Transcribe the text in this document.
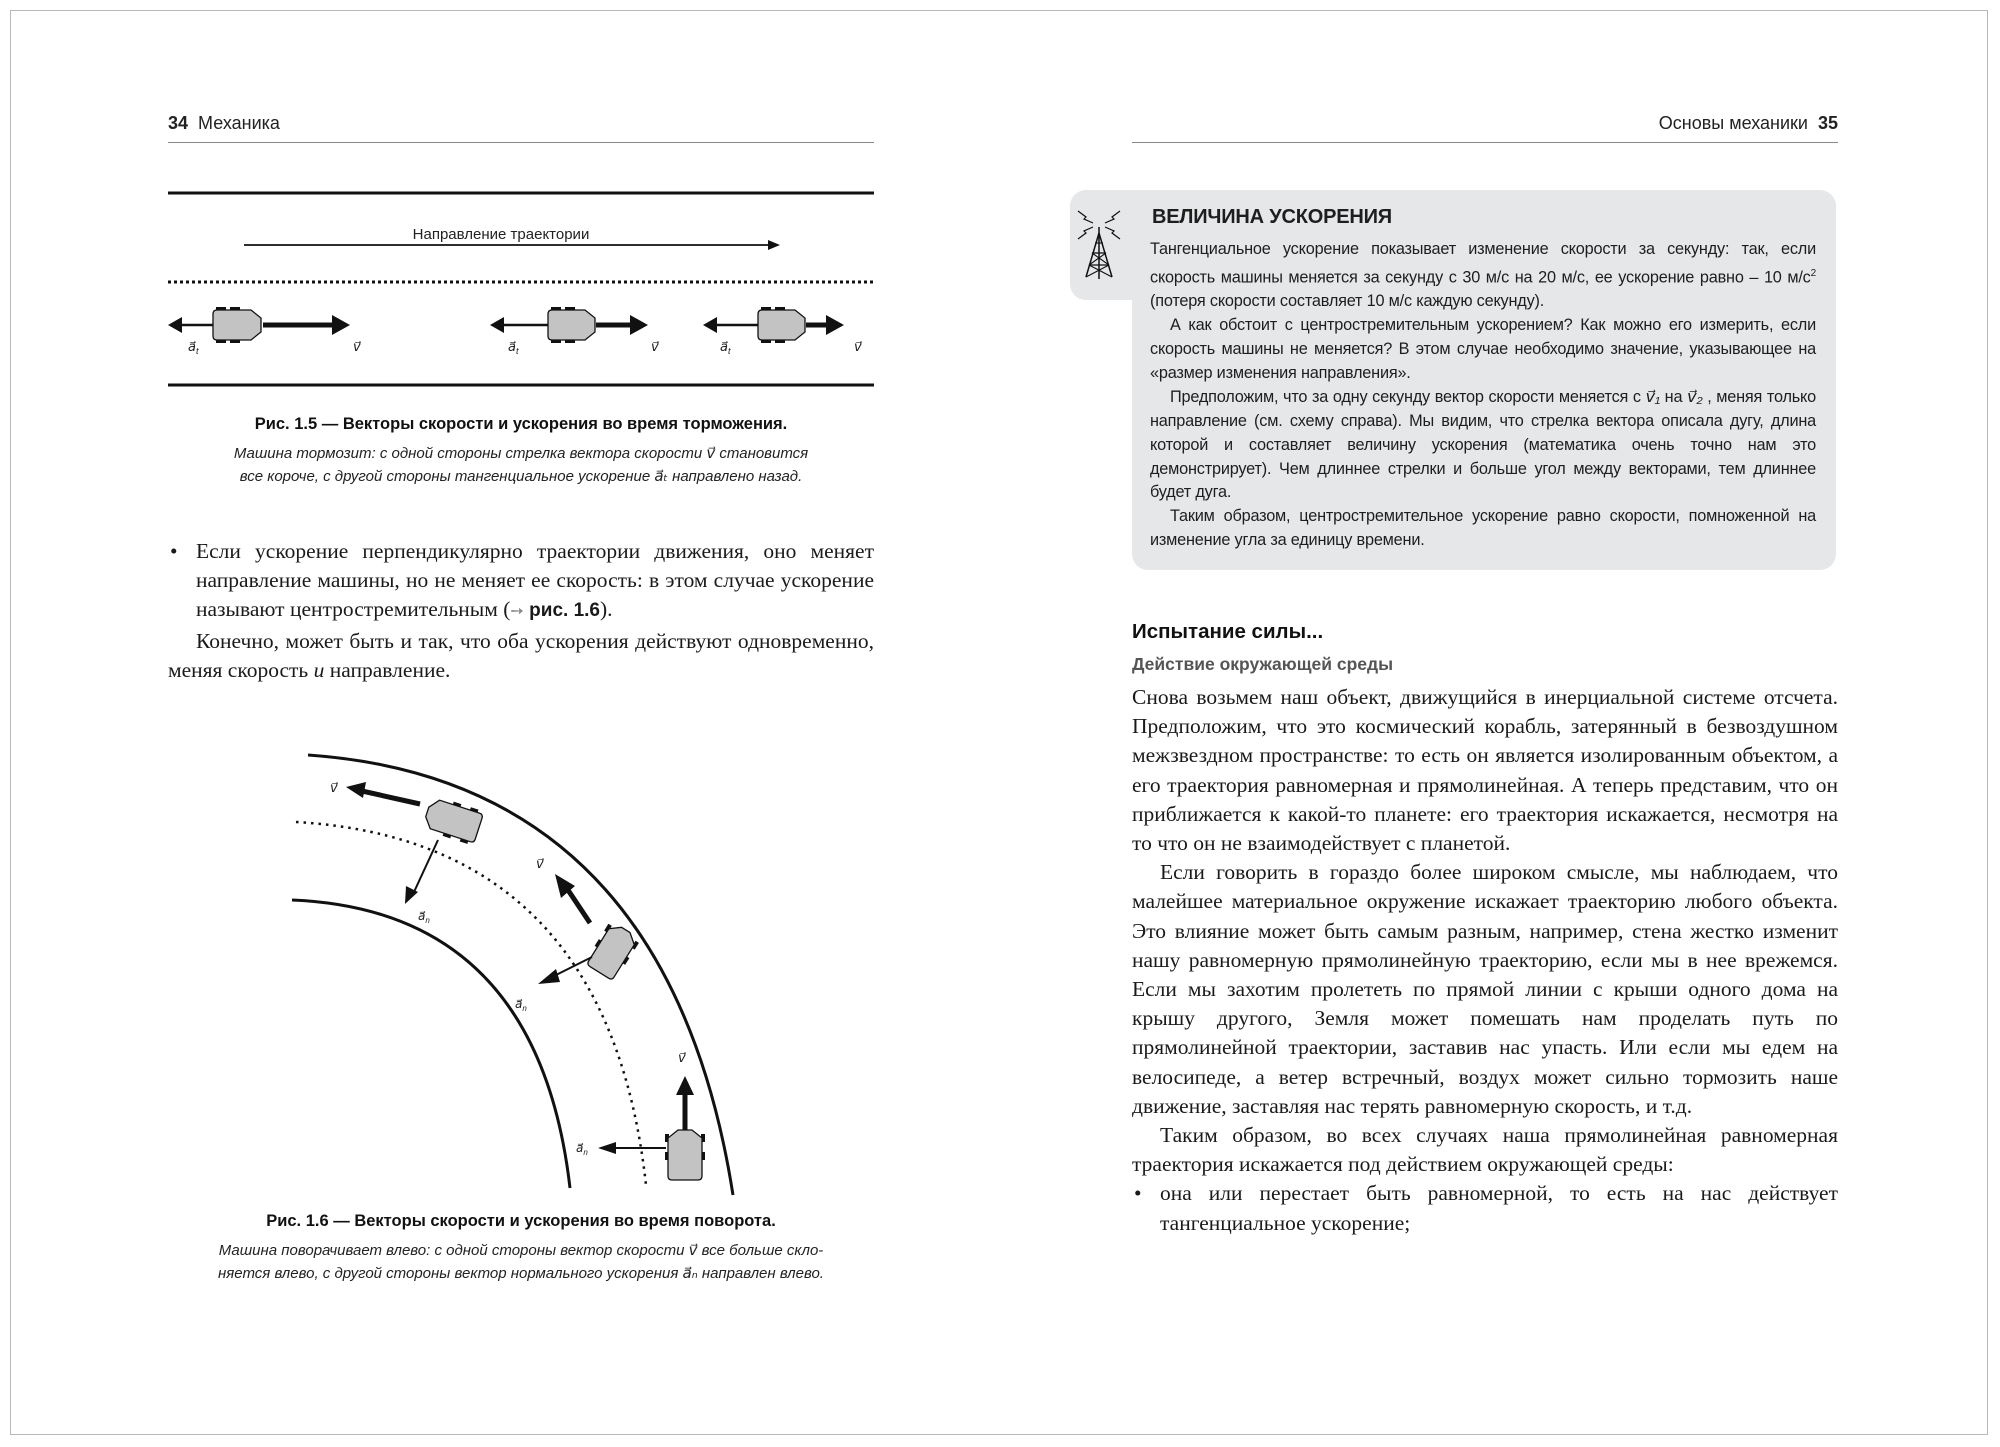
34 Механика
Направление траектории
$a⃗_t$	v⃗	$a⃗_t$	v⃗	$a⃗_t$	v⃗
Рис. 1.5 — Векторы скорости и ускорения во время торможения.
Машина тормозит: с одной стороны стрелка вектора скорости v⃗ становится
все короче, с другой стороны тангенциальное ускорение a⃗ₜ направлено назад.

• Если ускорение перпендикулярно траектории движения, оно меняет направление машины, но не меняет ее скорость: в этом случае ускорение называют центростремительным (➙ рис. 1.6).

Конечно, может быть и так, что оба ускорения действуют одновременно, меняя скорость и направление.

v⃗
$a⃗_n$
v⃗
$a⃗_n$
v⃗
$a⃗_n$
Рис. 1.6 — Векторы скорости и ускорения во время поворота.
Машина поворачивает влево: с одной стороны вектор скорости v⃗ все больше скло-
няется влево, с другой стороны вектор нормального ускорения a⃗ₙ направлен влево.
Основы механики 35
ВЕЛИЧИНА УСКОРЕНИЯ

Тангенциальное ускорение показывает изменение скорости за секунду: так, если скорость машины меняется за секунду с 30 м/с на 20 м/с, ее ускорение равно – 10 $м/с^2$ (потеря скорости составляет 10 м/с каждую секунду).

А как обстоит с центростремительным ускорением? Как можно его измерить, если скорость машины не меняется? В этом случае необходимо значение, указывающее на «размер изменения направления».

Предположим, что за одну секунду вектор скорости меняется с v⃗₁ на v⃗₂ , меняя только направление (см. схему справа). Мы видим, что стрелка вектора описала дугу, длина которой и составляет величину ускорения (математика очень точно нам это демонстрирует). Чем длиннее стрелки и больше угол между векторами, тем длиннее будет дуга.

Таким образом, центростремительное ускорение равно скорости, помноженной на изменение угла за единицу времени.

Испытание силы...
Действие окружающей среды

Снова возьмем наш объект, движущийся в инерциальной системе отсчета. Предположим, что это космический корабль, затерянный в безвоздушном межзвездном пространстве: то есть он является изолированным объектом, а его траектория равномерная и прямолинейная. А теперь представим, что он приближается к какой-то планете: его траектория искажается, несмотря на то что он не взаимодействует с планетой.

Если говорить в гораздо более широком смысле, мы наблюдаем, что малейшее материальное окружение искажает траекторию любого объекта. Это влияние может быть самым разным, например, стена жестко изменит нашу равномерную прямолинейную траекторию, если мы в нее врежемся. Если мы захотим пролететь по прямой линии с крыши одного дома на крышу другого, Земля может помешать нам проделать путь по прямолинейной траектории, заставив нас упасть. Или если мы едем на велосипеде, а ветер встречный, воздух может сильно тормозить наше движение, заставляя нас терять равномерную скорость, и т.д.

Таким образом, во всех случаях наша прямолинейная равномерная траектория искажается под действием окружающей среды:

• она или перестает быть равномерной, то есть на нас действует тангенциальное ускорение;
